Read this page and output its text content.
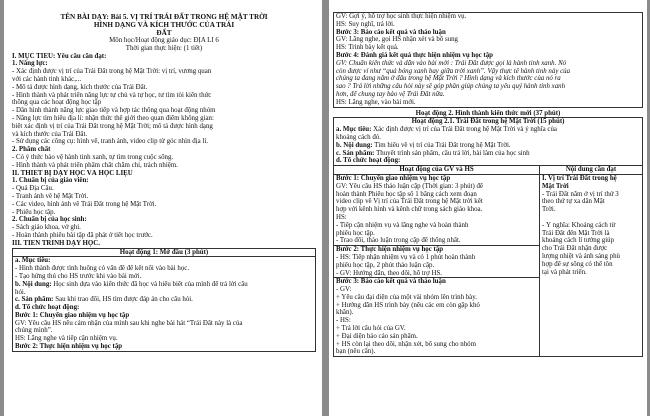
TÊN BÀI DẠY: Bài 5. VỊ TRÍ TRÁI ĐẤT TRONG HỆ MẶT TRỜI
HÌNH DẠNG VÀ KÍCH THƯỚC CỦA TRÁI
ĐẤT
Môn học/Hoạt động giáo dục: ĐỊA LÍ 6
Thời gian thực hiện: (1 tiết)
I. MỤC TIÊU: Yêu cầu cần đạt:
1. Năng lực:
- Xác định được vị trí của Trái Đất trong hệ Mặt Trời: vị trí, vương quan
với các hành tinh khác,...
- Mô tả được hình dạng, kích thước của Trái Đất.
- Hình thành và phát triển năng lực tự chủ và tự học, tư tìm tòi kiến thức
thông qua các hoạt động học tập
- Dần hình thành năng lực giao tiếp và hợp tác thông qua hoạt động nhóm
- Năng lực tìm hiểu địa lí: nhận thức thế giới theo quan điểm không gian:
biết xác định vị trí của Trái Đất trong hệ Mặt Trời; mô tả được hình dạng
và kích thước của Trái Đất.
- Sử dụng các công cụ: hình vẽ, tranh ảnh, video clip từ góc nhìn địa lí.
2. Phẩm chất
- Có ý thức bảo vệ hành tinh xanh, tự tìm trong cuộc sống.
- Hình thành và phát triển phẩm chất chăm chỉ, trách nhiệm.
II. THIẾT BỊ DẠY HỌC VÀ HỌC LIỆU
1. Chuẩn bị của giáo viên:
- Quả Địa Cầu.
- Tranh ảnh về hệ Mặt Trời.
- Các video, hình ảnh về Trái Đất trong hệ Mặt Trời.
- Phiếu học tập.
2. Chuẩn bị của học sinh:
- Sách giáo khoa, vở ghi.
- Hoàn thành phiếu bài tập đã phát ở tiết học trước.
III. TIẾN TRÌNH DẠY HỌC.
Hoạt động 1: Mở đầu (3 phút)
a. Mục tiêu:
- Hình thành được tình huống có vấn đề để kết nối vào bài học.
- Tạo hứng thú cho HS trước khi vào bài mới.
b. Nội dung: Học sinh dựa vào kiến thức đã học và hiểu biết của mình để trả lời câu
hỏi.
c. Sản phẩm: Sau khi trao đổi, HS tìm được đáp án cho câu hỏi.
d. Tổ chức hoạt động:
Bước 1: Chuyển giao nhiệm vụ học tập
GV: Yêu cầu HS nêu cảm nhận của mình sau khi nghe bài hát “Trái Đất này là của
chúng mình”.
HS: Lắng nghe và tiếp cận nhiệm vụ.
Bước 2: Thực hiện nhiệm vụ học tập
GV: Gợi ý, hỗ trợ học sinh thực hiện nhiệm vụ.
HS: Suy nghĩ, trả lời.
Bước 3: Báo cáo kết quả và thảo luận
GV: Lắng nghe, gọi HS nhận xét và bổ sung
HS: Trình bày kết quả.
Bước 4: Đánh giá kết quả thực hiện nhiệm vụ học tập
GV: Chuẩn kiến thức và dẫn vào bài mới : Trái Đất được gọi là hành tinh xanh. Nó
còn được ví như “quả bóng xanh bay giữa trời xanh”. Vậy thực tế hành tinh này của
chúng ta đang nằm ở đâu trong hệ Mặt Trời ? Hình dạng và kích thước của nó ra
sao ? Trả lời những câu hỏi này sẽ góp phần giúp chúng ta yêu quý hành tinh xanh
hơn, để chung tay bảo vệ Trái Đất nữa.
HS: Lắng nghe, vào bài mới.
Hoạt động 2. Hình thành kiến thức mới (37 phút)
Hoạt động 2.1. Trái Đất trong hệ Mặt Trời (15 phút)
a. Mục tiêu: Xác định được vị trí của Trái Đất trong hệ Mặt Trời và ý nghĩa của
khoảng cách đó.
b. Nội dung: Tìm hiểu về vị trí của Trái Đất trong hệ Mặt Trời.
c. Sản phẩm: Thuyết trình sản phẩm, câu trả lời, bài làm của học sinh
d. Tổ chức hoạt động:
Hoạt động của GV và HS
Bước 1: Chuyển giao nhiệm vụ học tập
GV: Yêu cầu HS thảo luận cặp (Thời gian: 3 phút) để
hoàn thành Phiếu học tập số 1 bằng cách xem đoạn
video clip về Vị trí của Trái Đất trong hệ Mặt trời kết
hợp với kênh hình và kênh chữ trong sách giáo khoa.
HS:
- Tiếp cận nhiệm vụ và lắng nghe và hoàn thành
phiếu học tập.
- Trao đổi, thảo luận trong cặp để thống nhất.
Bước 2: Thực hiện nhiệm vụ học tập
- HS: Tiếp nhận nhiệm vụ và có 1 phút hoàn thành
phiếu học tập, 2 phút thảo luận cặp.
- GV: Hướng dẫn, theo dõi, hỗ trợ HS.
Bước 3: Báo cáo kết quả và thảo luận
- GV:
+ Yêu cầu đại diện của một vài nhóm lên trình bày.
+ Hướng dẫn HS trình bày (nếu các em còn gặp khó
khăn).
- HS:
+ Trả lời câu hỏi của GV.
+ Đại diện báo cáo sản phẩm.
+ HS còn lại theo dõi, nhận xét, bổ sung cho nhóm
bạn (nếu cần).
Nội dung cần đạt
I. Vị trí Trái Đất trong hệ
Mặt Trời
- Trái Đất nằm ở vị trí thứ 3
theo thứ tự xa dần Mặt
Trời.

- Ý nghĩa: Khoảng cách từ
Trái Đất đến Mặt Trời là
khoảng cách lí tưởng giúp
cho Trái Đất nhận được
lượng nhiệt và ánh sáng phù
hợp để sự sống có thể tồn
tại và phát triển.
